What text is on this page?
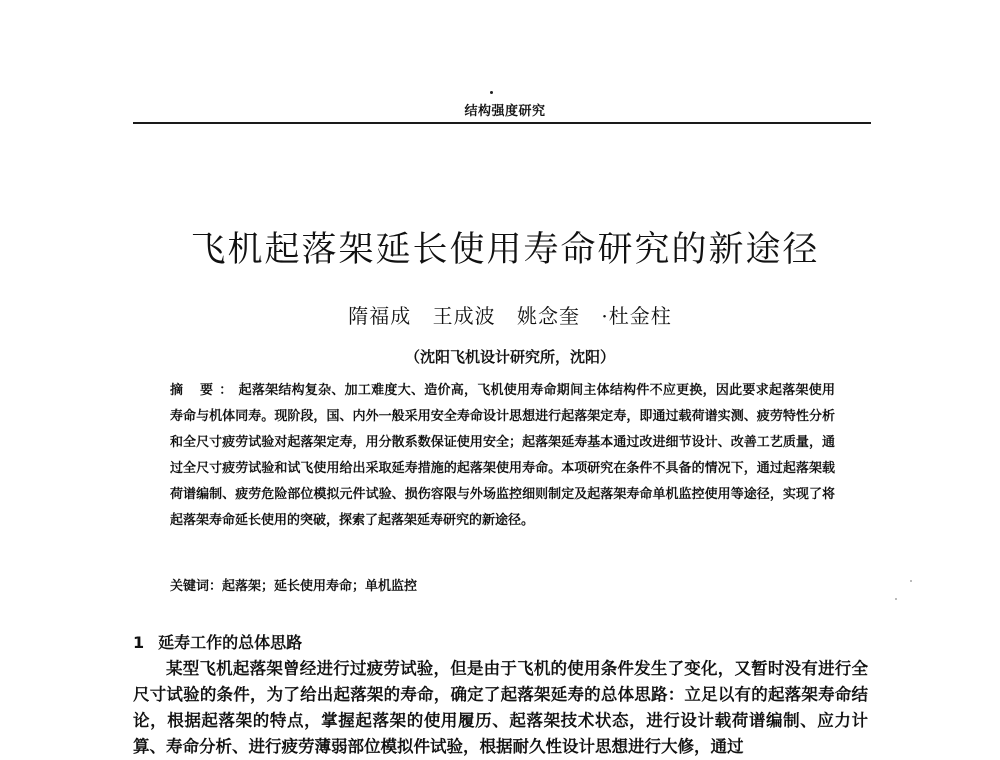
结构强度研究
飞机起落架延长使用寿命研究的新途径
隋福成 王成波 姚念奎 ·杜金柱
（沈阳飞机设计研究所，沈阳）
摘 要：起落架结构复杂、加工难度大、造价高，飞机使用寿命期间主体结构件不应更换，因此要求起落架使用寿命与机体同寿。现阶段，国、内外一般采用安全寿命设计思想进行起落架定寿，即通过载荷谱实测、疲劳特性分析和全尺寸疲劳试验对起落架定寿，用分散系数保证使用安全；起落架延寿基本通过改进细节设计、改善工艺质量，通过全尺寸疲劳试验和试飞使用给出采取延寿措施的起落架使用寿命。本项研究在条件不具备的情况下，通过起落架载荷谱编制、疲劳危险部位模拟元件试验、损伤容限与外场监控细则制定及起落架寿命单机监控使用等途径，实现了将起落架寿命延长使用的突破，探索了起落架延寿研究的新途径。
关键词：起落架；延长使用寿命；单机监控
1 延寿工作的总体思路
某型飞机起落架曾经进行过疲劳试验，但是由于飞机的使用条件发生了变化，又暂时没有进行全尺寸试验的条件，为了给出起落架的寿命，确定了起落架延寿的总体思路：立足以有的起落架寿命结论，根据起落架的特点，掌握起落架的使用履历、起落架技术状态，进行设计载荷谱编制、应力计算、寿命分析、进行疲劳薄弱部位模拟件试验，根据耐久性设计思想进行大修，通过
